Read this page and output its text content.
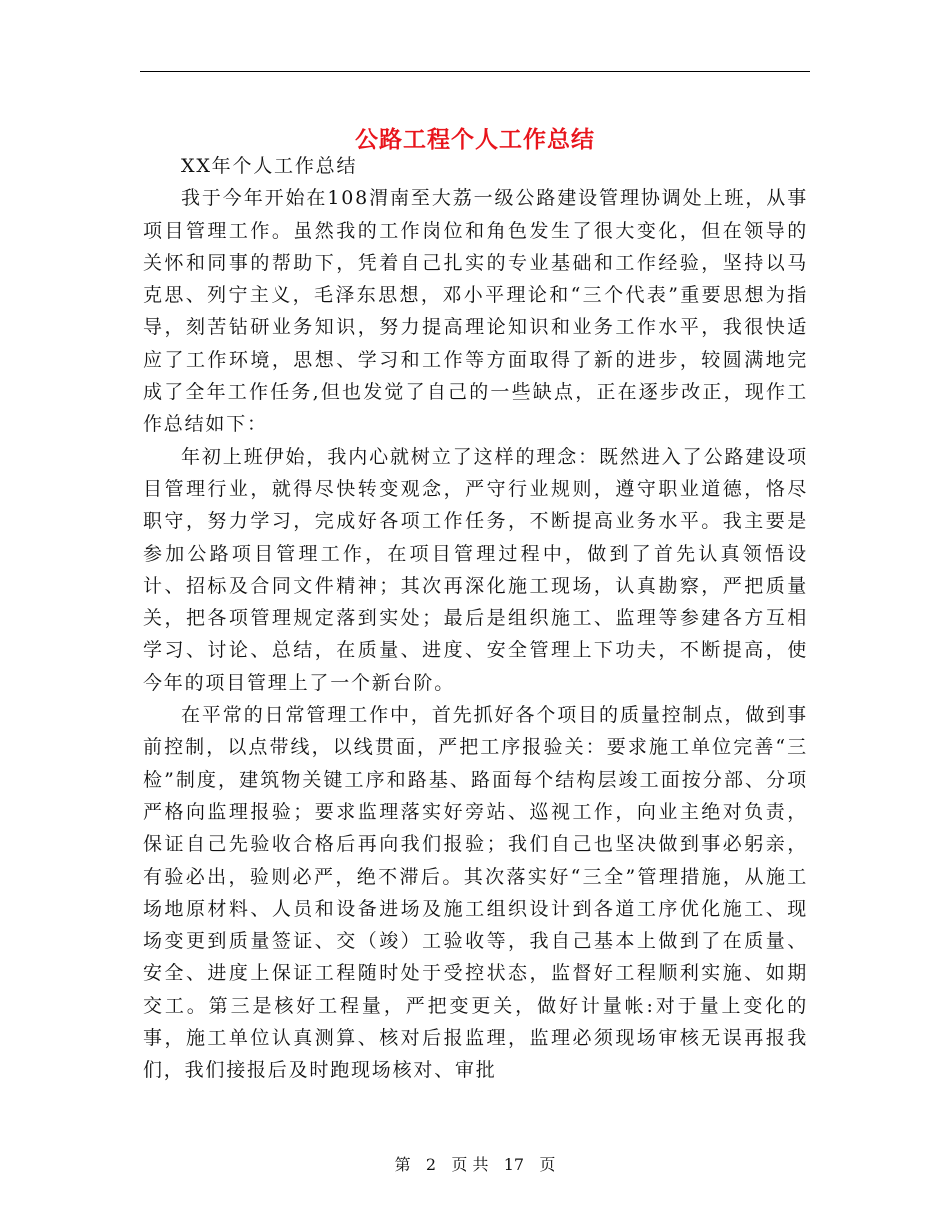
公路工程个人工作总结

XX年个人工作总结

我于今年开始在108渭南至大荔一级公路建设管理协调处上班，从事项目管理工作。虽然我的工作岗位和角色发生了很大变化，但在领导的关怀和同事的帮助下，凭着自己扎实的专业基础和工作经验，坚持以马克思、列宁主义，毛泽东思想，邓小平理论和“三个代表”重要思想为指导，刻苦钻研业务知识，努力提高理论知识和业务工作水平，我很快适应了工作环境，思想、学习和工作等方面取得了新的进步，较圆满地完成了全年工作任务,但也发觉了自己的一些缺点，正在逐步改正，现作工作总结如下：

年初上班伊始，我内心就树立了这样的理念：既然进入了公路建设项目管理行业，就得尽快转变观念，严守行业规则，遵守职业道德，恪尽职守，努力学习，完成好各项工作任务，不断提高业务水平。我主要是参加公路项目管理工作，在项目管理过程中，做到了首先认真领悟设计、招标及合同文件精神；其次再深化施工现场，认真勘察，严把质量关，把各项管理规定落到实处；最后是组织施工、监理等参建各方互相学习、讨论、总结，在质量、进度、安全管理上下功夫，不断提高，使今年的项目管理上了一个新台阶。

在平常的日常管理工作中，首先抓好各个项目的质量控制点，做到事前控制，以点带线，以线贯面，严把工序报验关：要求施工单位完善“三检”制度，建筑物关键工序和路基、路面每个结构层竣工面按分部、分项严格向监理报验；要求监理落实好旁站、巡视工作，向业主绝对负责，保证自己先验收合格后再向我们报验；我们自己也坚决做到事必躬亲，有验必出，验则必严，绝不滞后。其次落实好“三全”管理措施，从施工场地原材料、人员和设备进场及施工组织设计到各道工序优化施工、现场变更到质量签证、交（竣）工验收等，我自己基本上做到了在质量、安全、进度上保证工程随时处于受控状态，监督好工程顺利实施、如期交工。第三是核好工程量，严把变更关，做好计量帐:对于量上变化的事，施工单位认真测算、核对后报监理，监理必须现场审核无误再报我们，我们接报后及时跑现场核对、审批

第 2 页 共 17 页
